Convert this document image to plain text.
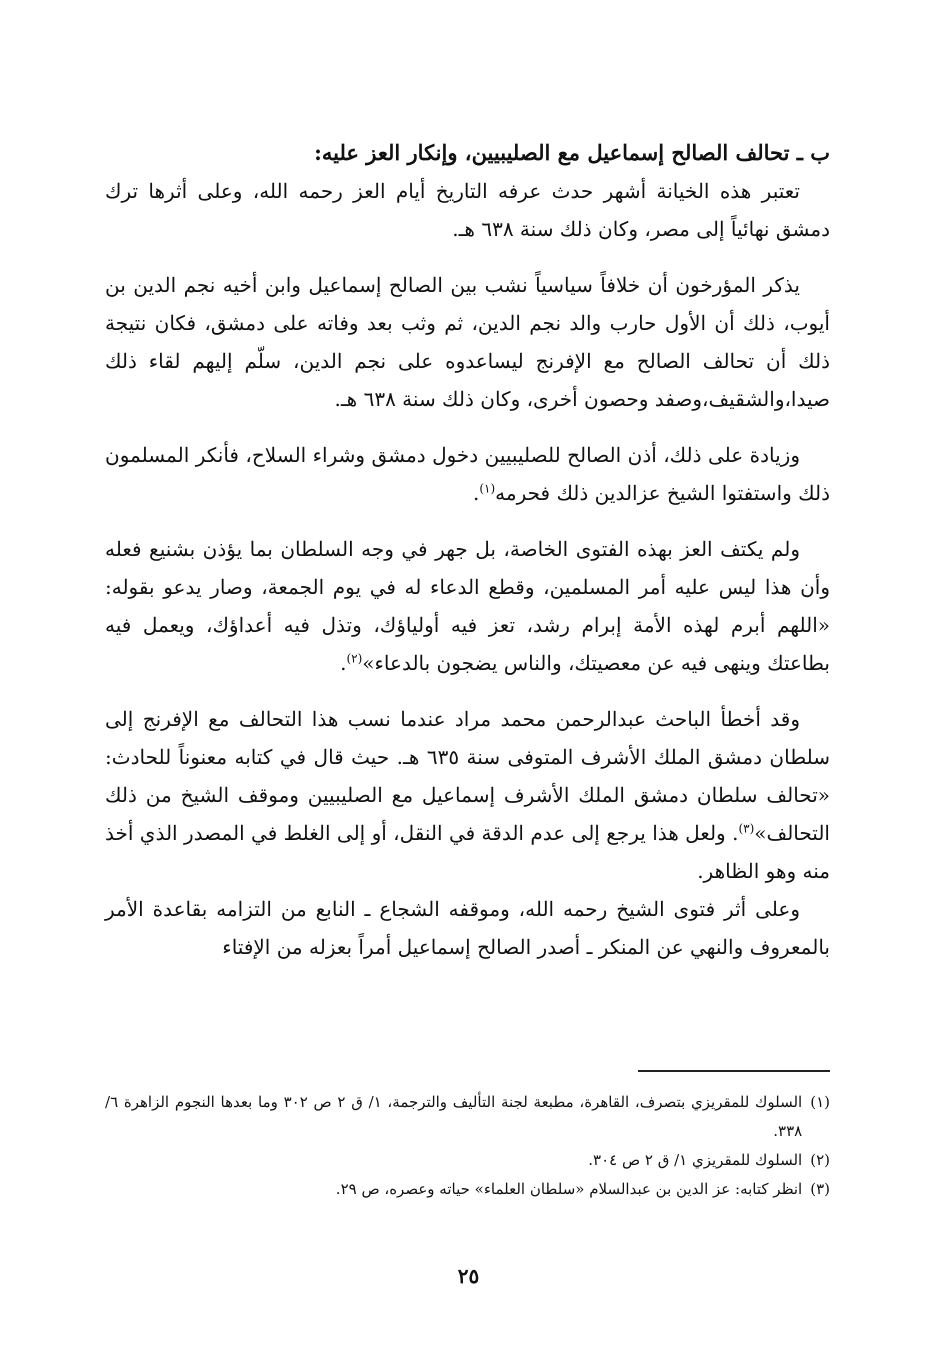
ب ـ تحالف الصالح إسماعيل مع الصليبيين، وإنكار العز عليه:

تعتبر هذه الخيانة أشهر حدث عرفه التاريخ أيام العز رحمه الله، وعلى أثرها ترك دمشق نهائياً إلى مصر، وكان ذلك سنة ٦٣٨ هـ.

يذكر المؤرخون أن خلافاً سياسياً نشب بين الصالح إسماعيل وابن أخيه نجم الدين بن أيوب، ذلك أن الأول حارب والد نجم الدين، ثم وثب بعد وفاته على دمشق، فكان نتيجة ذلك أن تحالف الصالح مع الإفرنج ليساعدوه على نجم الدين، سلّم إليهم لقاء ذلك صيدا،والشقيف،وصفد وحصون أخرى، وكان ذلك سنة ٦٣٨ هـ.

وزيادة على ذلك، أذن الصالح للصليبيين دخول دمشق وشراء السلاح، فأنكر المسلمون ذلك واستفتوا الشيخ عزالدين ذلك فحرمه$^{(١)}$.

ولم يكتف العز بهذه الفتوى الخاصة، بل جهر في وجه السلطان بما يؤذن بشنيع فعله وأن هذا ليس عليه أمر المسلمين، وقطع الدعاء له في يوم الجمعة، وصار يدعو بقوله: «اللهم أبرم لهذه الأمة إبرام رشد، تعز فيه أولياؤك، وتذل فيه أعداؤك، ويعمل فيه بطاعتك وينهى فيه عن معصيتك، والناس يضجون بالدعاء»$^{(٢)}$.

وقد أخطأ الباحث عبدالرحمن محمد مراد عندما نسب هذا التحالف مع الإفرنج إلى سلطان دمشق الملك الأشرف المتوفى سنة ٦٣٥ هـ. حيث قال في كتابه معنوناً للحادث: «تحالف سلطان دمشق الملك الأشرف إسماعيل مع الصليبيين وموقف الشيخ من ذلك التحالف»$^{(٣)}$. ولعل هذا يرجع إلى عدم الدقة في النقل، أو إلى الغلط في المصدر الذي أخذ منه وهو الظاهر.

وعلى أثر فتوى الشيخ رحمه الله، وموقفه الشجاع ـ النابع من التزامه بقاعدة الأمر بالمعروف والنهي عن المنكر ـ أصدر الصالح إسماعيل أمراً بعزله من الإفتاء

(١)
السلوك للمقريزي بتصرف، القاهرة، مطبعة لجنة التأليف والترجمة، ١/ ق ٢ ص ٣٠٢ وما بعدها النجوم الزاهرة ٦/ ٣٣٨.

(٢)
السلوك للمقريزي ١/ ق ٢ ص ٣٠٤.

(٣)
انظر كتابه: عز الدين بن عبدالسلام «سلطان العلماء» حياته وعصره، ص ٢٩.

٢٥
